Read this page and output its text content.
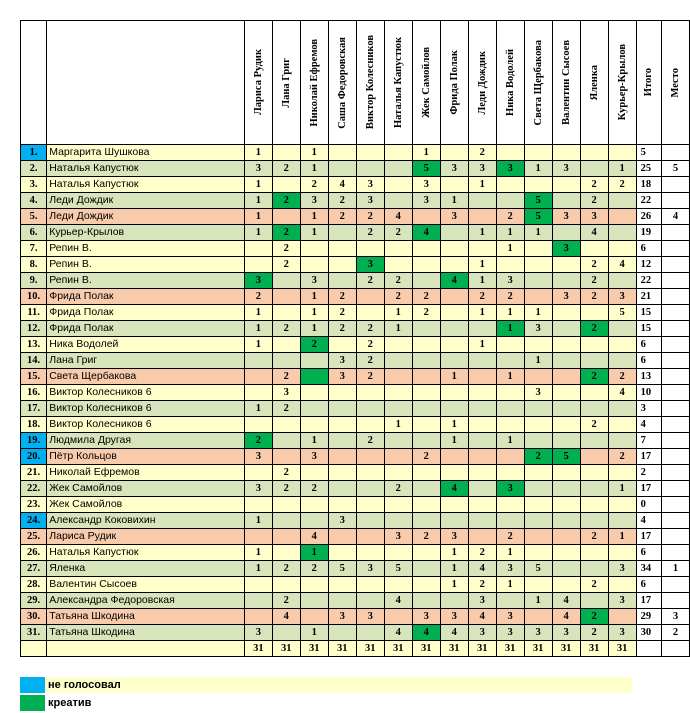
		Лариса Рудик	Лана Григ	Николай Ефремов	Саша Федоровская	Виктор Колесников	Наталья Капустюк	Жек Самойлов	Фрида Полак	Леди Дождик	Ника Водолей	Света Щербакова	Валентин Сысоев	Яленка	Курьер-Крылов	Итого	Место

1.	Маргарита Шушкова	1		1				1		2						5	
2.	Наталья Капустюк	3	2	1				5	3	3	3	1	3		1	25	5
3.	Наталья Капустюк	1		2	4	3		3		1				2	2	18	
4.	Леди Дождик	1	2	3	2	3		3	1			5		2		22	
5.	Леди Дождик	1		1	2	2	4		3		2	5	3	3		26	4
6.	Курьер-Крылов	1	2	1		2	2	4		1	1	1		4		19	
7.	Репин В.		2								1		3			6	
8.	Репин В.		2			3				1				2	4	12	
9.	Репин В.	3		3		2	2		4	1	3			2		22	
10.	Фрида Полак	2		1	2		2	2		2	2		3	2	3	21	
11.	Фрида Полак	1		1	2		1	2		1	1	1			5	15	
12.	Фрида Полак	1	2	1	2	2	1				1	3		2		15	
13.	Ника Водолей	1		2		2				1						6	
14.	Лана Григ				3	2						1				6	
15.	Света Щербакова		2		3	2			1		1			2	2	13	
16.	Виктор Колесников 6		3									3			4	10	
17.	Виктор Колесников 6	1	2													3	
18.	Виктор Колесников 6						1		1					2		4	
19.	Людмила Другая	2		1		2			1		1					7	
20.	Пётр Кольцов	3		3				2				2	5		2	17	
21.	Николай Ефремов		2													2	
22.	Жек Самойлов	3	2	2			2		4		3				1	17	
23.	Жек Самойлов															0	
24.	Александр Коковихин	1			3											4	
25.	Лариса Рудик			4			3	2	3		2			2	1	17	
26.	Наталья Капустюк	1		1					1	2	1					6	
27.	Яленка	1	2	2	5	3	5		1	4	3	5			3	34	1
28.	Валентин Сысоев								1	2	1			2		6	
29.	Александра Федоровская		2				4			3		1	4		3	17	
30.	Татьяна Шкодина		4		3	3		3	3	4	3		4	2		29	3
31.	Татьяна Шкодина	3		1			4	4	4	3	3	3	3	2	3	30	2
		31	31	31	31	31	31	31	31	31	31	31	31	31	31		
не голосовал
креатив
